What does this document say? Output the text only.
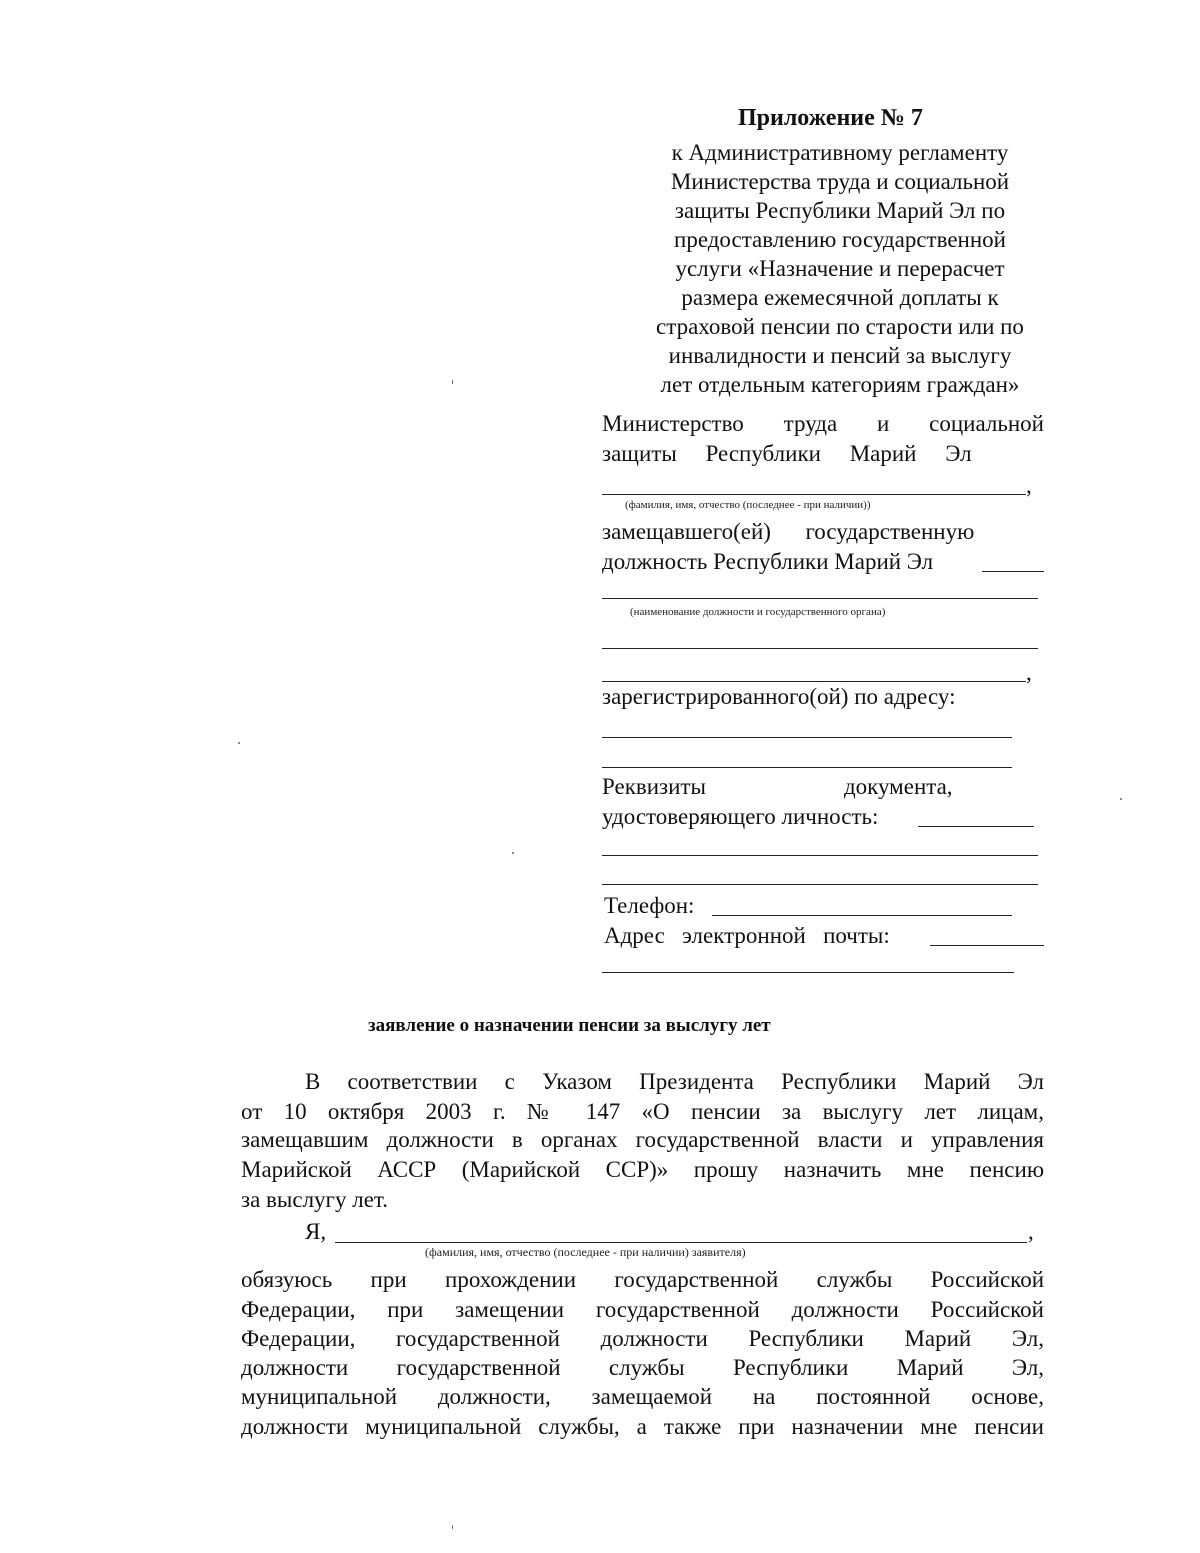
Приложение № 7
к Административному регламенту
Министерства труда и социальной
защиты Республики Марий Эл по
предоставлению государственной
услуги «Назначение и перерасчет
размера ежемесячной доплаты к
страховой пенсии по старости или по
инвалидности и пенсий за выслугу
лет отдельным категориям граждан»
Министерство   труда   и   социальной
защиты     Республики     Марий     Эл
,
(фамилия, имя, отчество (последнее - при наличии))
замещавшего(ей)      государственную
должность Республики Марий Эл
(наименование должности и государственного органа)
,
зарегистрированного(ой) по адресу:
Реквизиты                        документа,
удостоверяющего личность:
Телефон:
Адрес   электронной   почты:
заявление о назначении пенсии за выслугу лет
В соответствии с Указом Президента Республики Марий Эл
от 10 октября 2003 г. № 147 «О пенсии за выслугу лет лицам,
замещавшим должности в органах государственной власти и управления
Марийской АССР (Марийской ССР)» прошу назначить мне пенсию
за выслугу лет.
Я,	,
(фамилия, имя, отчество (последнее - при наличии) заявителя)
обязуюсь при прохождении государственной службы Российской
Федерации, при замещении государственной должности Российской
Федерации, государственной должности Республики Марий Эл,
должности государственной службы Республики Марий Эл,
муниципальной должности, замещаемой на постоянной основе,
должности муниципальной службы, а также при назначении мне пенсии
